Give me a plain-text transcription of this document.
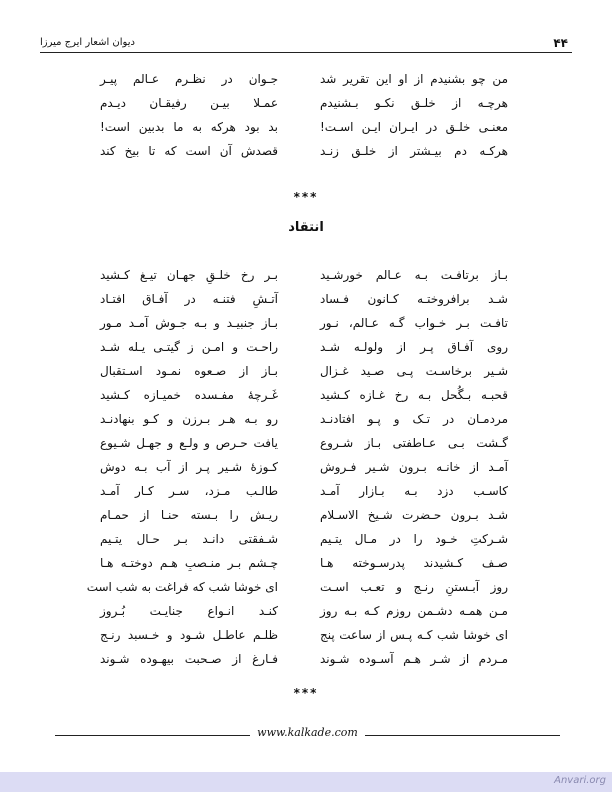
۴۴
دیوان اشعار ایرج میرزا
من چو بشنیدم از او این تقریر شد
جـوان در نظـرم عـالم پیـر
هرچـه از خلـق نکـو بـشنیدم
عمـلا بیـن رفیقـان دیـدم
معنـی خلـق در ایـران ایـن اسـت!
بد بود هرکه به ما بدبین است!
هرکـه دم بیـشتر از خلـق زنـد
قصدش آن است که تا بیخ کند
***
انتقاد
بـاز برتافـت بـه عـالم خورشـید
بـر رخ خلـقِ جهـان تیـغ کـشید
شـد برافروختـه کـانون فـساد
آتـشِ فتنـه در آفـاق افتـاد
تافـت بـر خـواب گـه عـالم، نـور
بـاز جنبیـد و بـه جـوش آمـد مـور
روی آفـاق پـر از ولولـه شـد
راحـت و امـن ز گیتـی یـله شـد
شـیر برخاسـت پـی صـید غـزال
بـاز از صـعوه نمـود اسـتقبال
قحبـه بـگُحل بـه رخ غـازه کـشید
غَـرچهٔ مفـسده خمیـازه کـشید
مردمـان در تـک و پـو افتادنـد
رو بـه هـر بـرزن و کـو بنهادنـد
گـشت بـی عـاطفتی بـاز شـروع
یافت حـرص و ولـع و جهـل شـیوع
آمـد از خانـه بـرون شـیر فـروش
کـوزهٔ شـیر پـر از آب بـه دوش
کاسـب دزد بـه بـازار آمـد
طالـب مـزد، سـر کـار آمـد
شـد بـرون حـضرت شـیخ الاسـلام
ریـش را بـسته حنـا از حمـام
شـرکتِ خـود را در مـال یتـیم
شـفقتی دانـد بـر حـال یتـیم
صـف کـشیدند پدرسـوخته هـا
چـشم بـر منـصبِ هـم دوختـه هـا
روز آبـستنِ رنـج و تعـب اسـت
ای خوشا شب که فراغت به شب است
مـن همـه دشـمن روزم کـه بـه روز
کنـد انـواع جنایـت بُـروز
ای خوشا شب کـه پـس از ساعت پنج
ظلـم عاطـل شـود و خـسبد رنـج
مـردم از شـر هـم آسـوده شـوند
فـارغ از صـحبت بیهـوده شـوند
***
www.kalkade.com
Anvari.org
